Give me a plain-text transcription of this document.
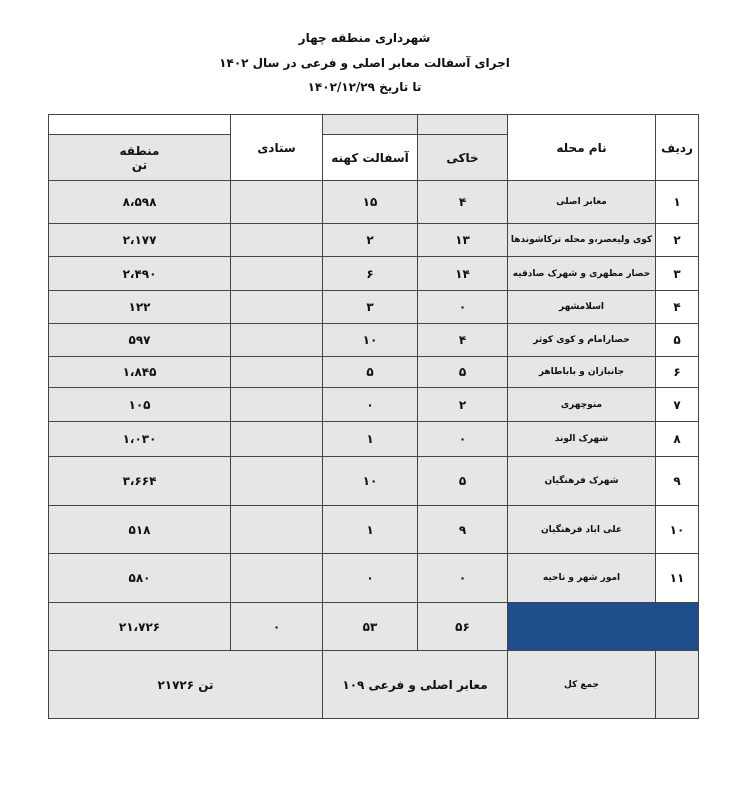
شهرداری منطقه چهار
اجرای آسفالت معابر اصلی و فرعی در سال ۱۴۰۲
تا تاریخ ۱۴۰۲/۱۲/۲۹
	ستادی			نام محله	ردیف

منطقه
تن		آسفالت کهنه	خاکی		
۸،۵۹۸		۱۵	۴	معابر اصلی	۱
۲،۱۷۷		۲	۱۳	کوی ولیعصر،و محله ترکاشوندها	۲
۲،۴۹۰		۶	۱۴	حصار مطهری و شهرک صادقیه	۳
۱۲۲		۳	۰	اسلامشهر	۴
۵۹۷		۱۰	۴	حصارامام و کوی کوثر	۵
۱،۸۴۵		۵	۵	جانبازان و باباطاهر	۶
۱۰۵		۰	۲	منوچهری	۷
۱،۰۳۰		۱	۰	شهرک الوند	۸
۳،۶۶۴		۱۰	۵	شهرک فرهنگیان	۹
۵۱۸		۱	۹	علی اباد فرهنگیان	۱۰
۵۸۰		۰	۰	امور شهر و ناحیه	۱۱
۲۱،۷۲۶	۰	۵۳	۵۶		
تن ۲۱۷۲۶		معابر اصلی و فرعی ۱۰۹		جمع کل	
